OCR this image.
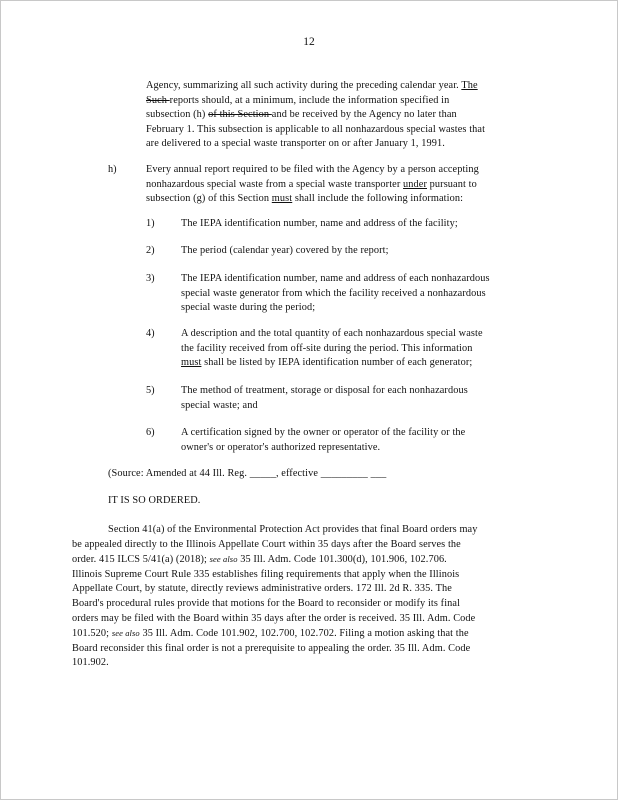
12

Agency, summarizing all such activity during the preceding calendar year. The

Such reports should, at a minimum, include the information specified in

subsection (h) of this Section and be received by the Agency no later than

February 1. This subsection is applicable to all nonhazardous special wastes that

are delivered to a special waste transporter on or after January 1, 1991.

h)	Every annual report required to be filed with the Agency by a person accepting

nonhazardous special waste from a special waste transporter under pursuant to

subsection (g) of this Section must shall include the following information:

1)	The IEPA identification number, name and address of the facility;

2)	The period (calendar year) covered by the report;

3)	The IEPA identification number, name and address of each nonhazardous

special waste generator from which the facility received a nonhazardous

special waste during the period;

4)	A description and the total quantity of each nonhazardous special waste

the facility received from off-site during the period. This information

must shall be listed by IEPA identification number of each generator;

5)	The method of treatment, storage or disposal for each nonhazardous

special waste; and

6)	A certification signed by the owner or operator of the facility or the

owner's or operator's authorized representative.

(Source: Amended at 44 Ill. Reg. _____, effective _________ ___
IT IS SO ORDERED.

Section 41(a) of the Environmental Protection Act provides that final Board orders may

be appealed directly to the Illinois Appellate Court within 35 days after the Board serves the

order. 415 ILCS 5/41(a) (2018); see also 35 Ill. Adm. Code 101.300(d), 101.906, 102.706.

Illinois Supreme Court Rule 335 establishes filing requirements that apply when the Illinois

Appellate Court, by statute, directly reviews administrative orders. 172 Ill. 2d R. 335. The

Board's procedural rules provide that motions for the Board to reconsider or modify its final

orders may be filed with the Board within 35 days after the order is received. 35 Ill. Adm. Code

101.520; see also 35 Ill. Adm. Code 101.902, 102.700, 102.702. Filing a motion asking that the

Board reconsider this final order is not a prerequisite to appealing the order. 35 Ill. Adm. Code

101.902.
